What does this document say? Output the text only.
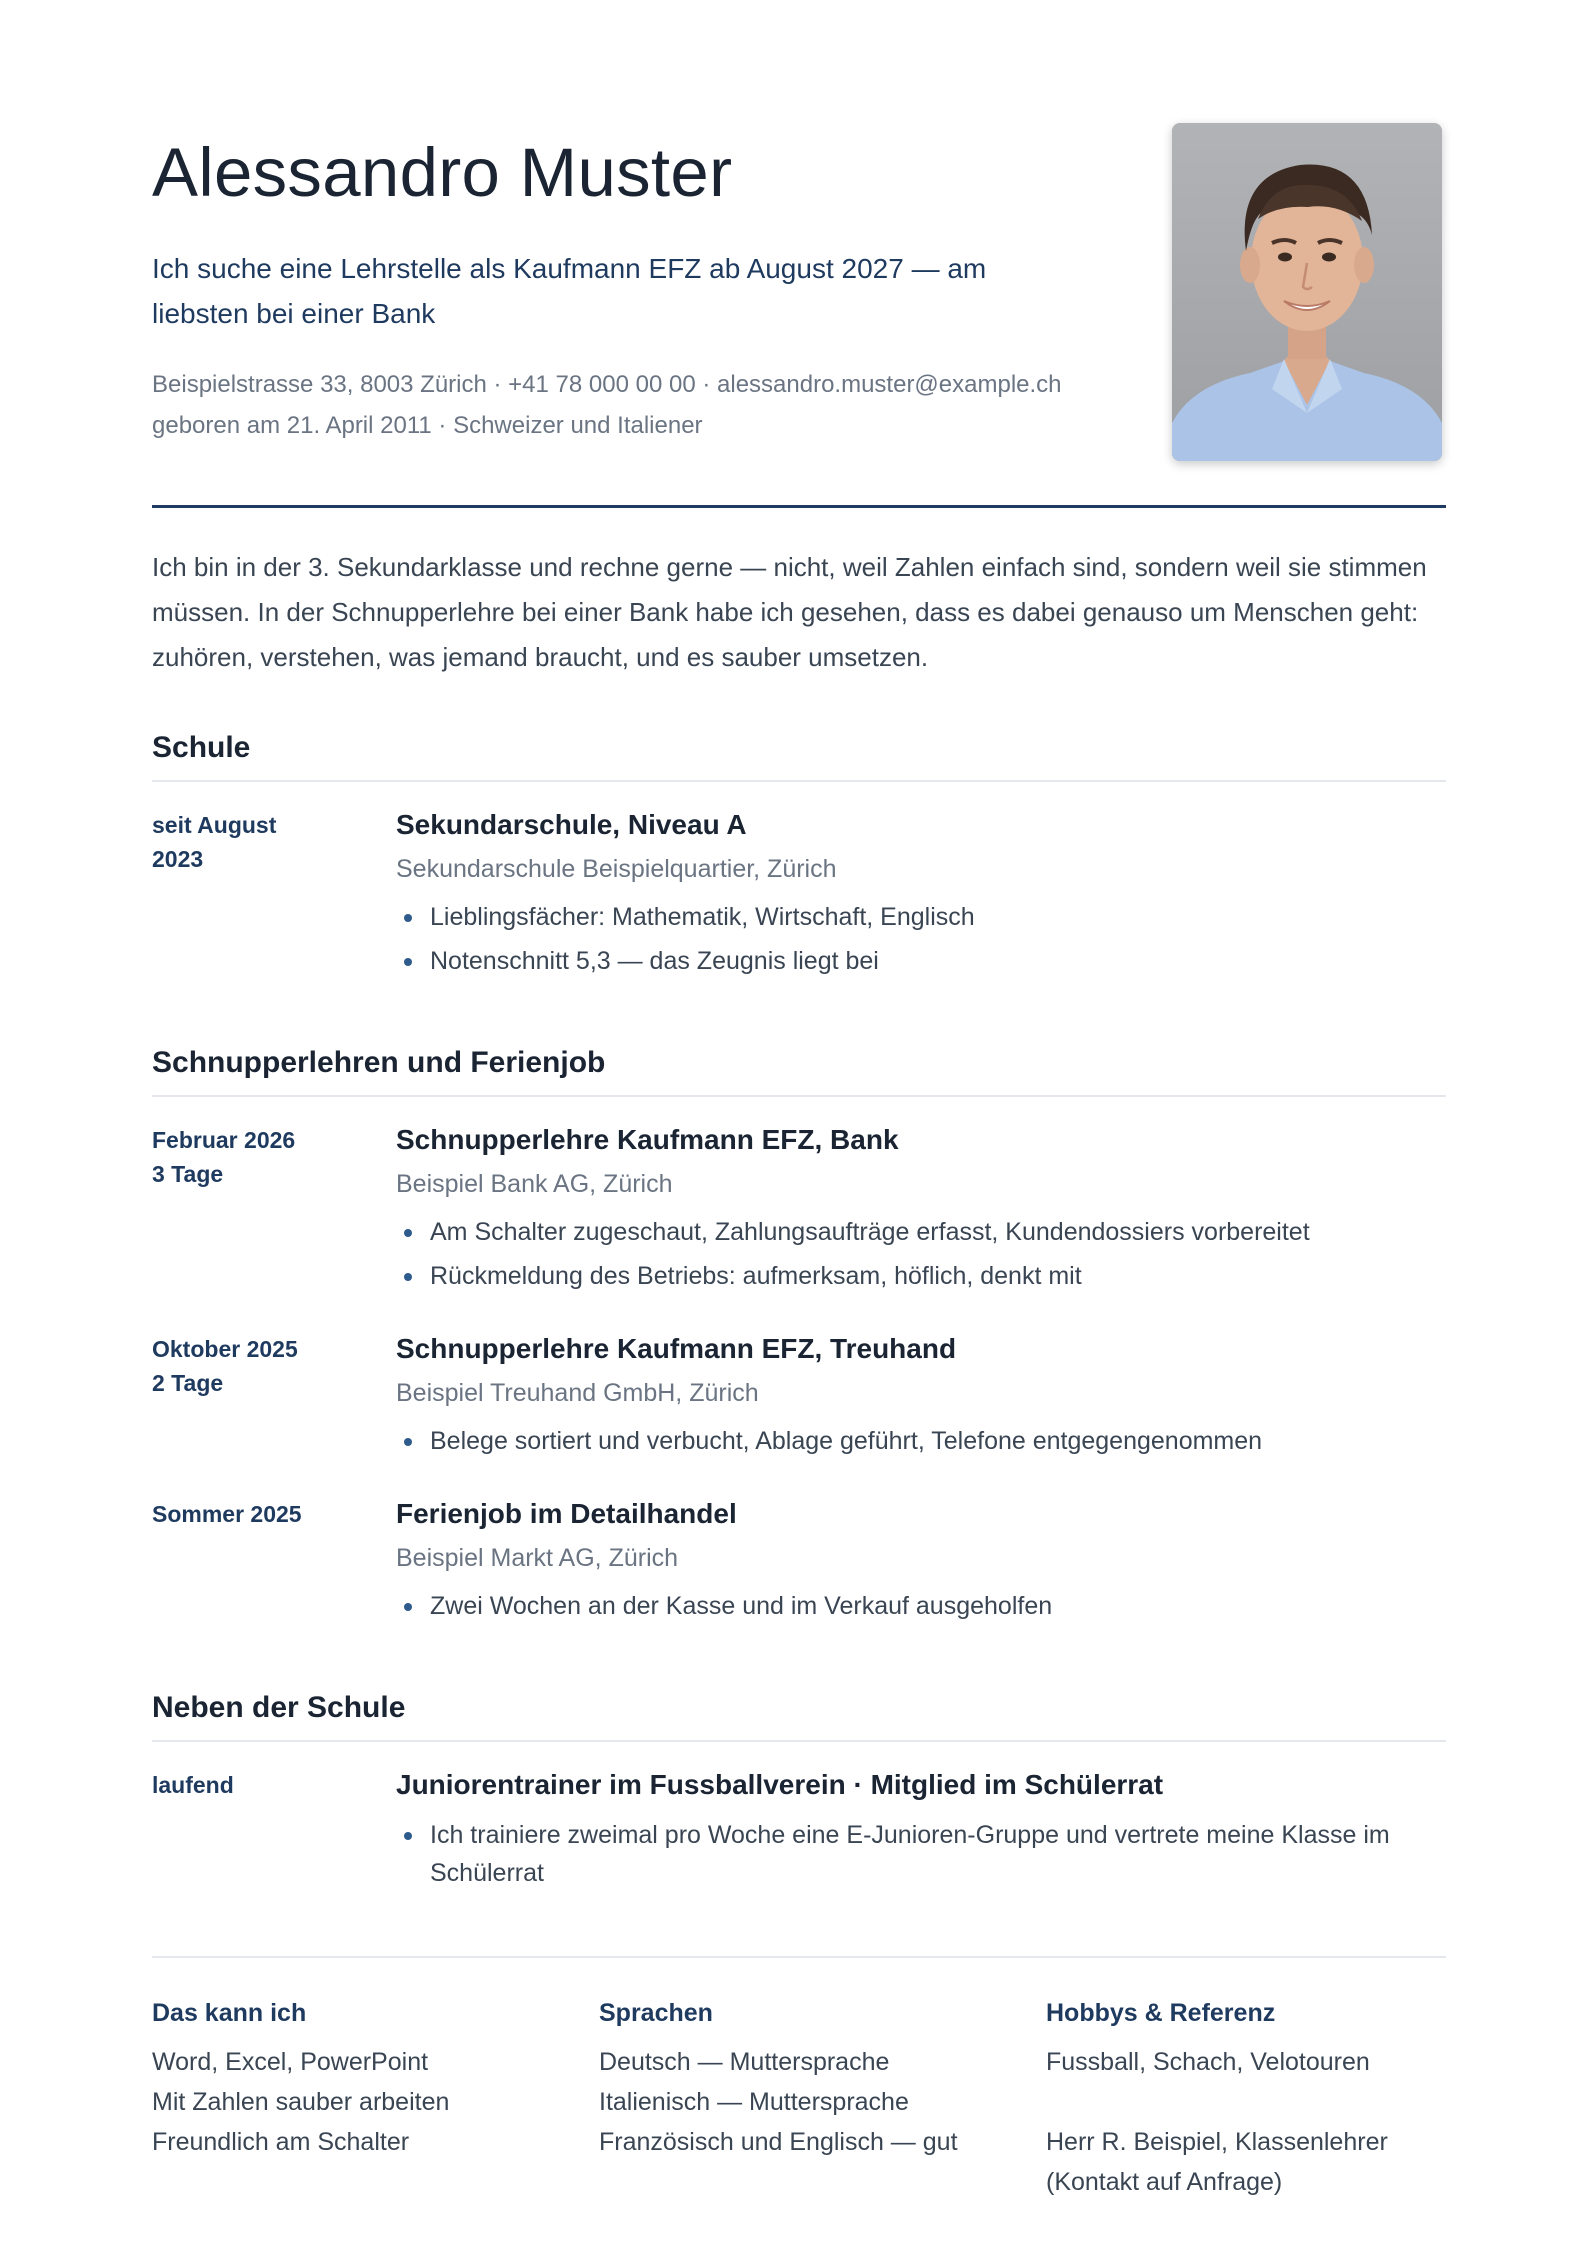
Alessandro Muster

Ich suche eine Lehrstelle als Kaufmann EFZ ab August 2027 — am liebsten bei einer Bank

Beispielstrasse 33, 8003 Zürich · +41 78 000 00 00 · alessandro.muster@example.ch
geboren am 21. April 2011 · Schweizer und Italiener

Ich bin in der 3. Sekundarklasse und rechne gerne — nicht, weil Zahlen einfach sind, sondern weil sie stimmen müssen. In der Schnupperlehre bei einer Bank habe ich gesehen, dass es dabei genauso um Menschen geht: zuhören, verstehen, was jemand braucht, und es sauber umsetzen.

Schule
seit August
2023
Sekundarschule, Niveau A
Sekundarschule Beispielquartier, Zürich
Lieblingsfächer: Mathematik, Wirtschaft, Englisch
Notenschnitt 5,3 — das Zeugnis liegt bei
Schnupperlehren und Ferienjob
Februar 2026
3 Tage
Schnupperlehre Kaufmann EFZ, Bank
Beispiel Bank AG, Zürich
Am Schalter zugeschaut, Zahlungsaufträge erfasst, Kundendossiers vorbereitet
Rückmeldung des Betriebs: aufmerksam, höflich, denkt mit
Oktober 2025
2 Tage
Schnupperlehre Kaufmann EFZ, Treuhand
Beispiel Treuhand GmbH, Zürich
Belege sortiert und verbucht, Ablage geführt, Telefone entgegengenommen
Sommer 2025	Ferienjob im Detailhandel
Beispiel Markt AG, Zürich
Zwei Wochen an der Kasse und im Verkauf ausgeholfen
Neben der Schule
laufend	Juniorentrainer im Fussballverein · Mitglied im Schülerrat
Ich trainiere zweimal pro Woche eine E-Junioren-Gruppe und vertrete meine Klasse im Schülerrat
Das kann ich
Word, Excel, PowerPoint
Mit Zahlen sauber arbeiten
Freundlich am Schalter
Sprachen
Deutsch — Muttersprache
Italienisch — Muttersprache
Französisch und Englisch — gut
Hobbys & Referenz
Fussball, Schach, Velotouren
Herr R. Beispiel, Klassenlehrer
(Kontakt auf Anfrage)
